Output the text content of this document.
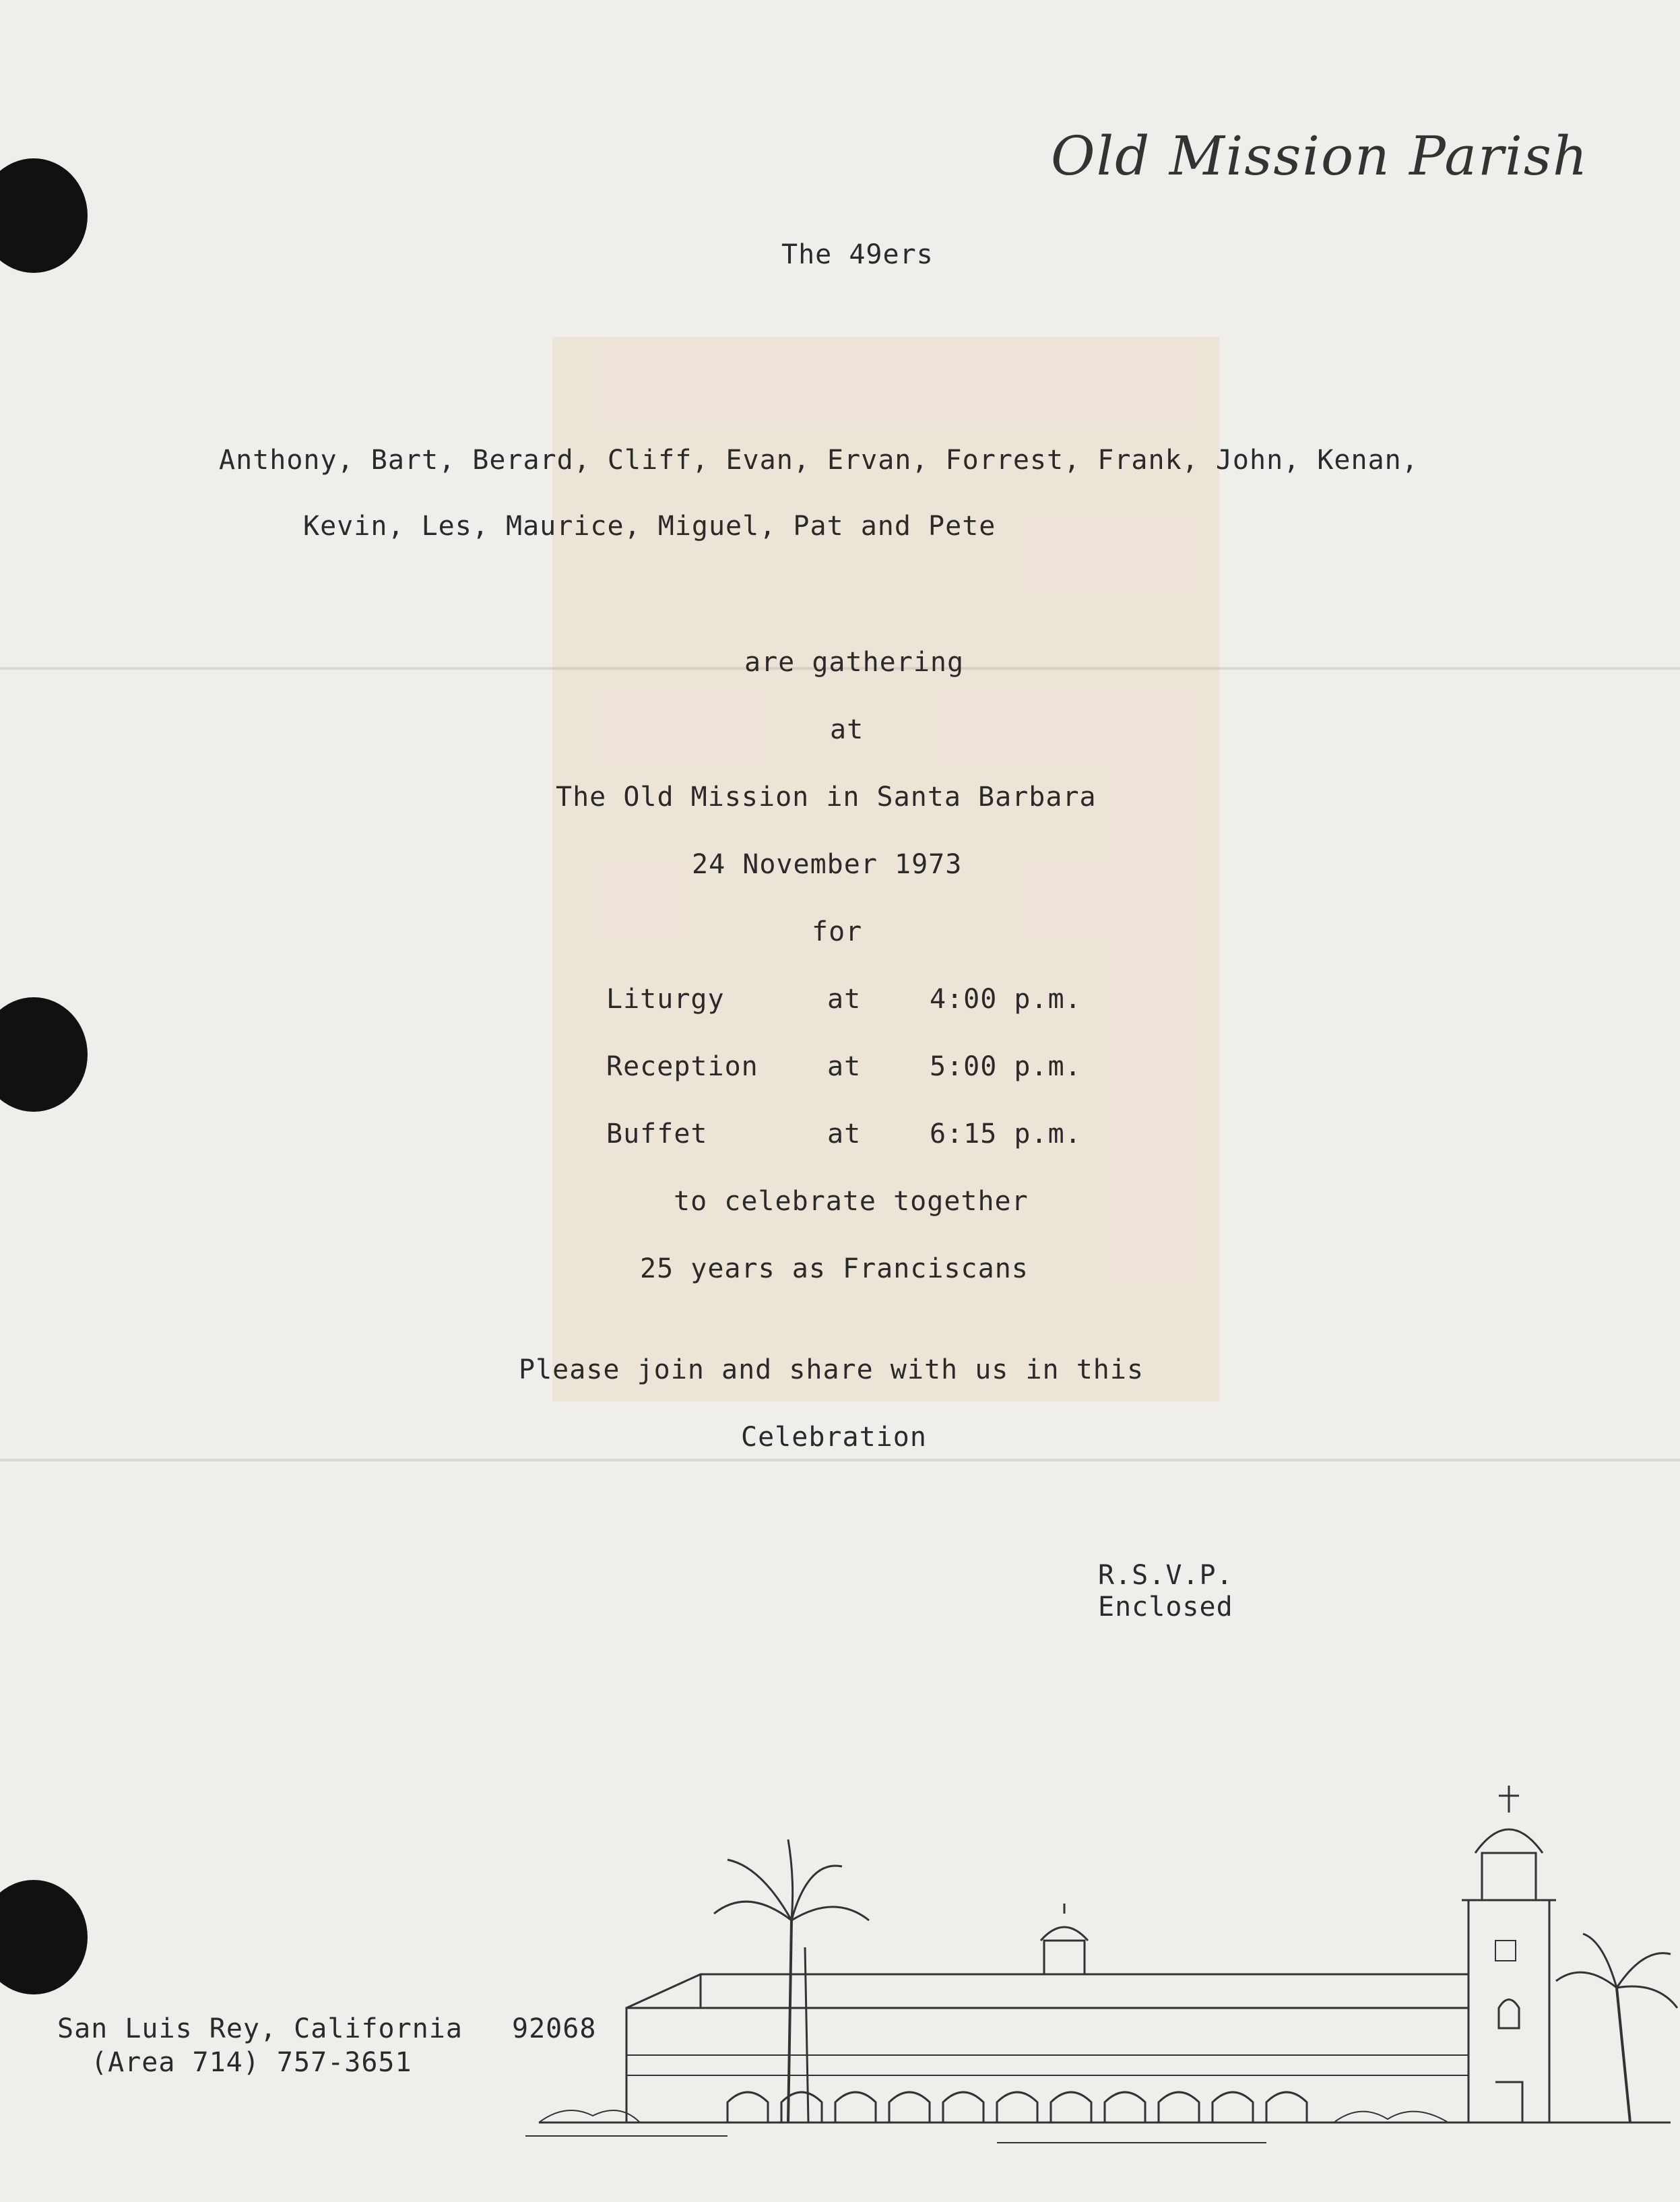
Old Mission Parish
The 49ers
Anthony, Bart, Berard, Cliff, Evan, Ervan, Forrest, Frank, John, Kenan,
Kevin, Les, Maurice, Miguel, Pat and Pete
are gathering
at
The Old Mission in Santa Barbara
24 November 1973
for
Liturgy	at	4:00 p.m.
Reception	at	5:00 p.m.
Buffet	at	6:15 p.m.
to celebrate together
25 years as Franciscans
Please join and share with us in this
Celebration
R.S.V.P.
Enclosed
San Luis Rey, California 92068
(Area 714) 757-3651
